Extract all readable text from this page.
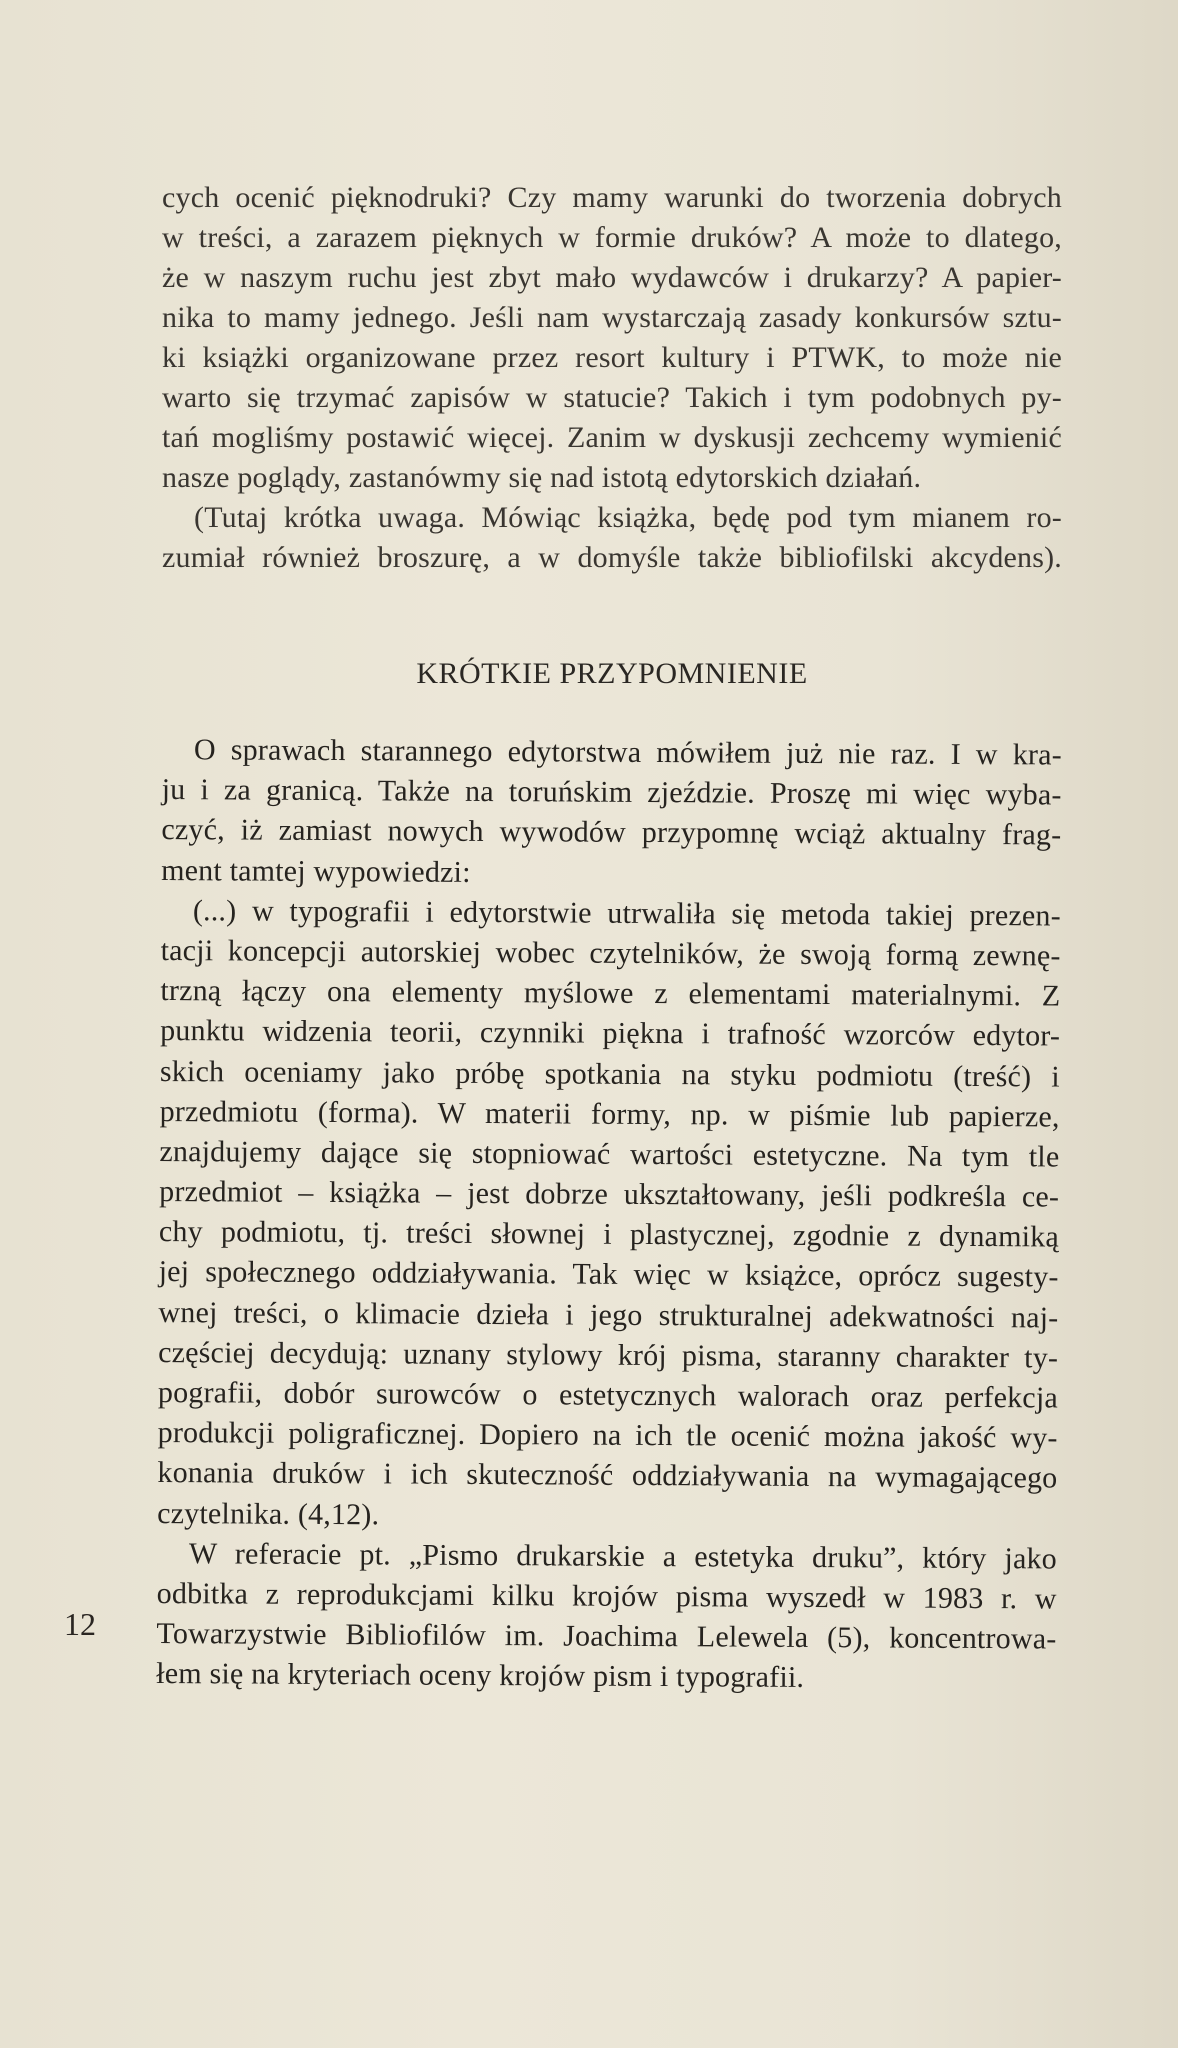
cych ocenić pięknodruki? Czy mamy warunki do tworzenia dobrych
w treści, a zarazem pięknych w formie druków? A może to dlatego,
że w naszym ruchu jest zbyt mało wydawców i drukarzy? A papier-
nika to mamy jednego. Jeśli nam wystarczają zasady konkursów sztu-
ki książki organizowane przez resort kultury i PTWK, to może nie
warto się trzymać zapisów w statucie? Takich i tym podobnych py-
tań mogliśmy postawić więcej. Zanim w dyskusji zechcemy wymienić
nasze poglądy, zastanówmy się nad istotą edytorskich działań.
(Tutaj krótka uwaga. Mówiąc książka, będę pod tym mianem ro-
zumiał również broszurę, a w domyśle także bibliofilski akcydens).
KRÓTKIE PRZYPOMNIENIE
O sprawach starannego edytorstwa mówiłem już nie raz. I w kra-
ju i za granicą. Także na toruńskim zjeździe. Proszę mi więc wyba-
czyć, iż zamiast nowych wywodów przypomnę wciąż aktualny frag-
ment tamtej wypowiedzi:
(...) w typografii i edytorstwie utrwaliła się metoda takiej prezen-
tacji koncepcji autorskiej wobec czytelników, że swoją formą zewnę-
trzną łączy ona elementy myślowe z elementami materialnymi. Z
punktu widzenia teorii, czynniki piękna i trafność wzorców edytor-
skich oceniamy jako próbę spotkania na styku podmiotu (treść) i
przedmiotu (forma). W materii formy, np. w piśmie lub papierze,
znajdujemy dające się stopniować wartości estetyczne. Na tym tle
przedmiot – książka – jest dobrze ukształtowany, jeśli podkreśla ce-
chy podmiotu, tj. treści słownej i plastycznej, zgodnie z dynamiką
jej społecznego oddziaływania. Tak więc w książce, oprócz sugesty-
wnej treści, o klimacie dzieła i jego strukturalnej adekwatności naj-
częściej decydują: uznany stylowy krój pisma, staranny charakter ty-
pografii, dobór surowców o estetycznych walorach oraz perfekcja
produkcji poligraficznej. Dopiero na ich tle ocenić można jakość wy-
konania druków i ich skuteczność oddziaływania na wymagającego
czytelnika. (4,12).
W referacie pt. „Pismo drukarskie a estetyka druku”, który jako
odbitka z reprodukcjami kilku krojów pisma wyszedł w 1983 r. w
Towarzystwie Bibliofilów im. Joachima Lelewela (5), koncentrowa-
łem się na kryteriach oceny krojów pism i typografii.
12
